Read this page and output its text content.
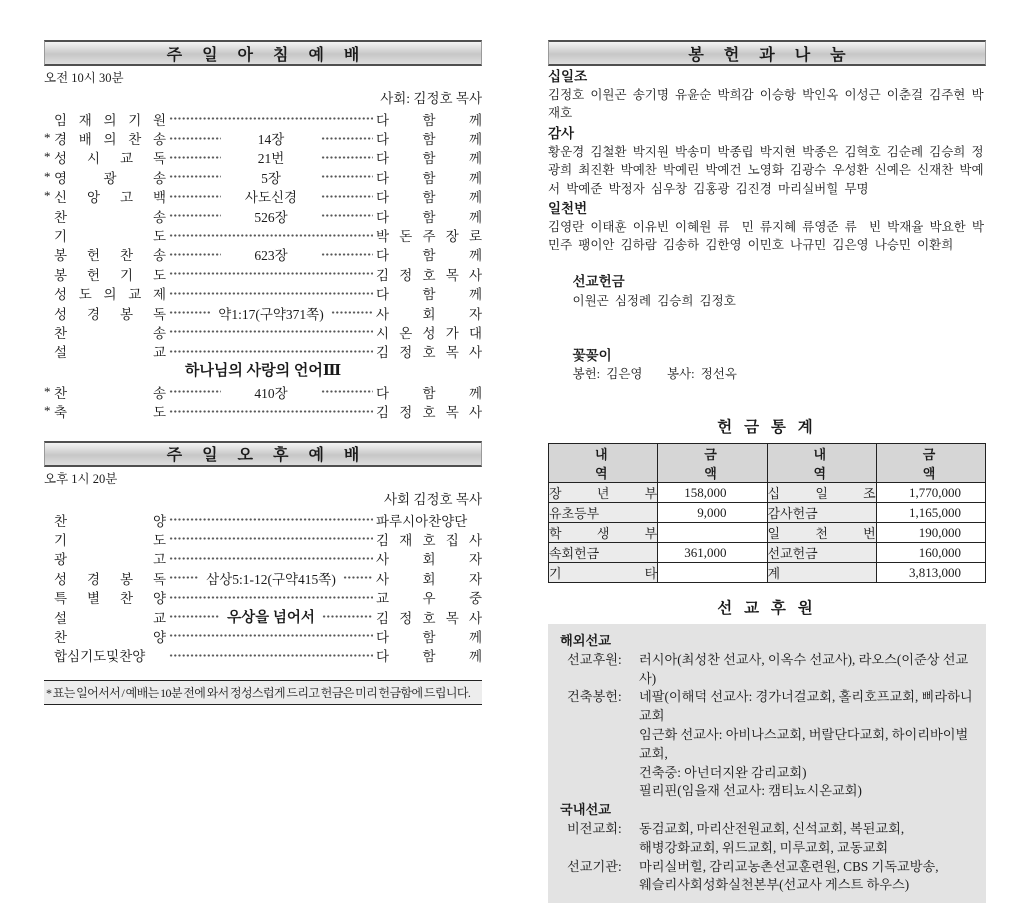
주 일 아 침 예 배
오전 10시 30분
사회: 김정호 목사
임 재 의 기 원	다 함 께
* 경 배 의 찬 송	14장	다 함 께
* 성 시 교 독	21번	다 함 께
* 영 광 송	5장	다 함 께
* 신 앙 고 백	사도신경	다 함 께
찬 송	526장	다 함 께
기 도	박 돈 주 장 로
봉 헌 찬 송	623장	다 함 께
봉 헌 기 도	김 정 호 목 사
성 도 의 교 제	다 함 께
성 경 봉 독	약1:17(구약371쪽)	사 회 자
찬 송	시 온 성 가 대
설 교	김 정 호 목 사
하나님의 사랑의 언어Ⅲ
* 찬 송	410장	다 함 께
* 축 도	김 정 호 목 사
주 일 오 후 예 배
오후 1시 20분
사회 김정호 목사
찬 양	파루시아찬양단
기 도	김 재 호 집 사
광 고	사 회 자
성 경 봉 독	삼상5:1-12(구약415쪽)	사 회 자
특 별 찬 양	교 우 중
설 교	우상을 넘어서	김 정 호 목 사
찬 양	다 함 께
합심기도및찬양	다 함 께
* 표는 일어서서 / 예배는 10분 전에 와서 정성스럽게 드리고 헌금은 미리 헌금함에 드립니다.
봉 헌 과 나 눔
십일조
김정호 이원곤 송기명 유윤순 박희감 이승항 박인옥 이성근 이춘걸 김주현 박재호
감사
황운경 김철환 박지원 박송미 박종립 박지현 박종은 김혁호 김순례 김승희 정광희 최진환 박예찬 박예린 박예건 노영화 김광수 우성환 신예은 신재찬 박예서 박예준 박정자 심우창 김홍광 김진경 마리실버힐 무명
일천번
김영란 이태훈 이유빈 이혜원 류  민 류지혜 류영준 류  빈 박재율 박요한 박민주 팽이안 김하람 김송하 김한영 이민호 나규민 김은영 나승민 이환희

선교헌금
이원곤 심정례 김승희 김정호

꽃꽂이
봉헌: 김은영    봉사: 정선옥

헌 금 통 계
내 역	금 액	내 역	금 액
장 년 부	158,000	십 일 조	1,770,000
유초등부	9,000	감사헌금	1,165,000
학 생 부		일 천 번	190,000
속회헌금	361,000	선교헌금	160,000
기 타		계	3,813,000
선 교 후 원
해외선교
선교후원:	러시아(최성찬 선교사, 이옥수 선교사), 라오스(이준상 선교사)
건축봉헌:	네팔(이해덕 선교사: 경가너걸교회, 홀리호프교회, 삐라하니교회
임근화 선교사: 아비나스교회, 버랄단다교회, 하이리바이벌교회,
건축중: 아넌더지완 감리교회)
필리핀(임을재 선교사: 캠티뇨시온교회)
국내선교
비전교회:	동검교회, 마리산전원교회, 신석교회, 복된교회,
해병강화교회, 위드교회, 미루교회, 교동교회
선교기관:	마리실버힐, 감리교농촌선교훈련원, CBS 기독교방송,
웨슬리사회성화실천본부(선교사 게스트 하우스)
